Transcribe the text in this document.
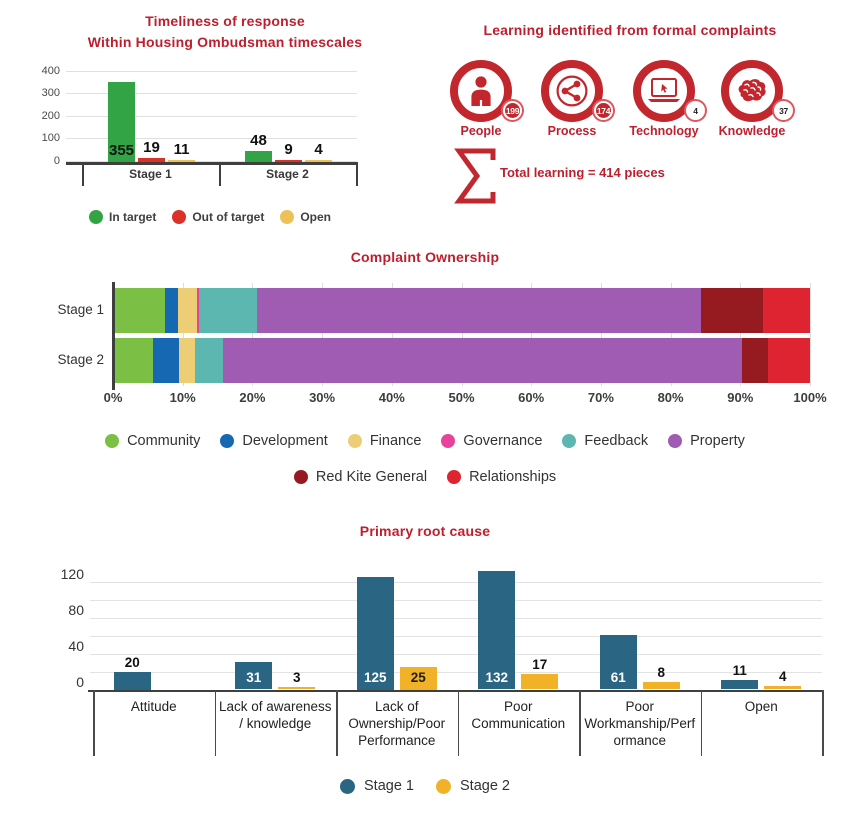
Timeliness of response
Within Housing Ombudsman timescales
Learning identified from formal complaints
Total learning = 414 pieces
Complaint Ownership
Primary root cause
0
100
200
300
400
355 19 11	48
9	4
Stage 1	Stage 2
In target	Out of target	Open
199
People
174
Process
4
Technology
37
Knowledge
Stage 1
Stage 2
0%	10%	20%	30%	40%	50%	60%	70%	80%	90%	100%
Community	Development	Finance	Governance	Feedback	Property
Red Kite General	Relationships
0
40
80
120
20
31	3	125	25	132
17
61	8	11	4
Attitude	Lack of awareness
/ knowledge
Lack of
Ownership/Poor
Performance
Poor
Communication
Poor
Workmanship/Perf
ormance
Open
Stage 1	Stage 2
